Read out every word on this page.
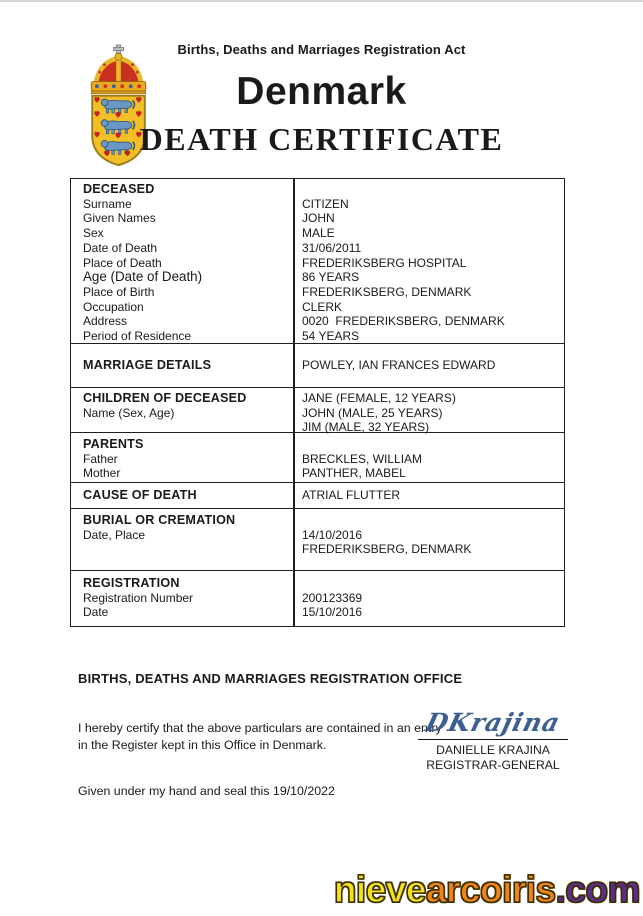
Births, Deaths and Marriages Registration Act
Denmark
DEATH CERTIFICATE
DECEASED
Surname	CITIZEN
Given Names	JOHN
Sex	MALE
Date of Death	31/06/2011
Place of Death	FREDERIKSBERG HOSPITAL
Age (Date of Death)	86 YEARS
Place of Birth	FREDERIKSBERG, DENMARK
Occupation	CLERK
Address	0020  FREDERIKSBERG, DENMARK
Period of Residence	54 YEARS
MARRIAGE DETAILS	POWLEY, IAN FRANCES EDWARD
CHILDREN OF DECEASED	JANE (FEMALE, 12 YEARS)
Name (Sex, Age)	JOHN (MALE, 25 YEARS)
JIM (MALE, 32 YEARS)
PARENTS
Father	BRECKLES, WILLIAM
Mother	PANTHER, MABEL
CAUSE OF DEATH	ATRIAL FLUTTER
BURIAL OR CREMATION
Date, Place	14/10/2016
FREDERIKSBERG, DENMARK
REGISTRATION
Registration Number	200123369
Date	15/10/2016
BIRTHS, DEATHS AND MARRIAGES REGISTRATION OFFICE
I hereby certify that the above particulars are contained in an entry
in the Register kept in this Office in Denmark.
DKrajina
DANIELLE KRAJINA
REGISTRAR-GENERAL
Given under my hand and seal this 19/10/2022
nievearcoiris.com
